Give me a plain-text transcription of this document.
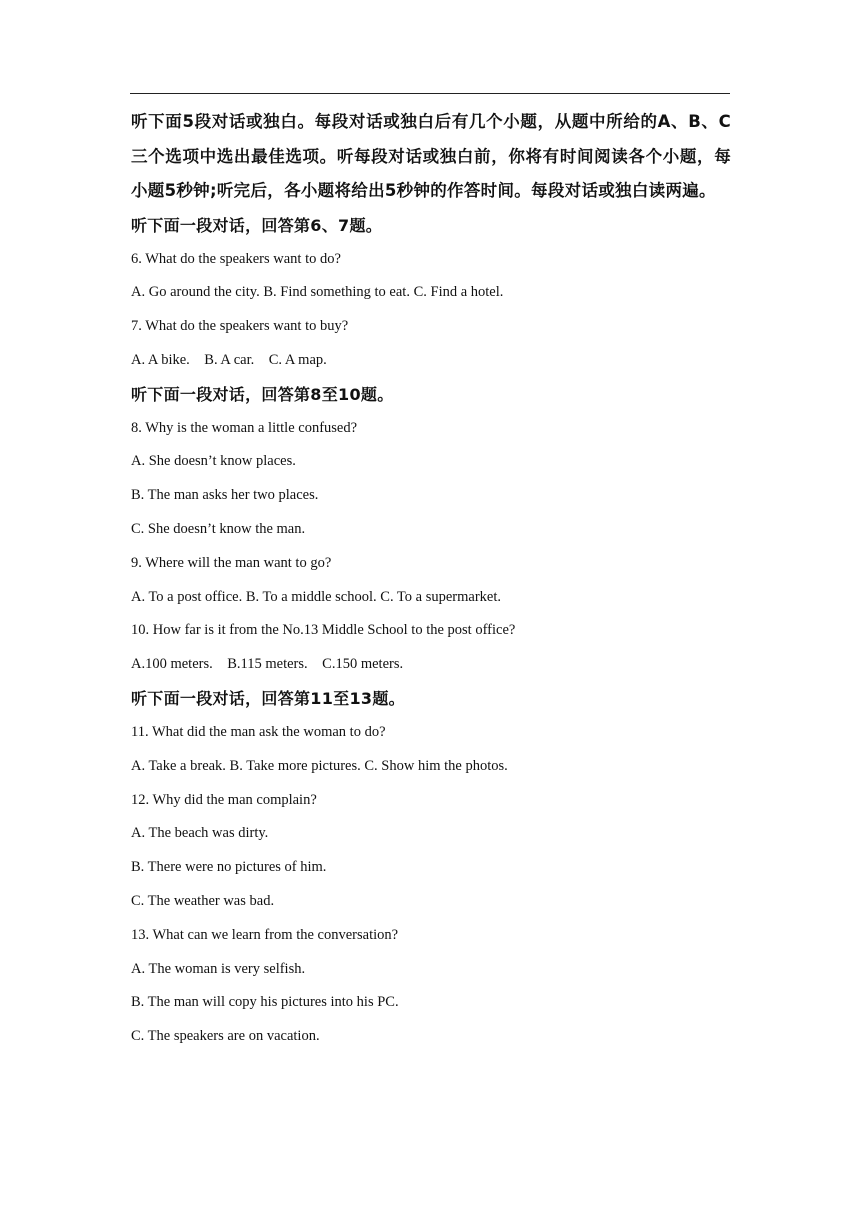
听下面5段对话或独白。每段对话或独白后有几个小题，从题中所给的A、B、C三个选项中选出最佳选项。听每段对话或独白前，你将有时间阅读各个小题，每小题5秒钟;听完后，各小题将给出5秒钟的作答时间。每段对话或独白读两遍。

听下面一段对话，回答第6、7题。

6. What do the speakers want to do?

A. Go around the city. B. Find something to eat. C. Find a hotel.

7. What do the speakers want to buy?

A. A bike.    B. A car.    C. A map.

听下面一段对话，回答第8至10题。

8. Why is the woman a little confused?

A. She doesn’t know places.

B. The man asks her two places.

C. She doesn’t know the man.

9. Where will the man want to go?

A. To a post office. B. To a middle school. C. To a supermarket.

10. How far is it from the No.13 Middle School to the post office?

A.100 meters.    B.115 meters.    C.150 meters.

听下面一段对话，回答第11至13题。

11. What did the man ask the woman to do?

A. Take a break. B. Take more pictures. C. Show him the photos.

12. Why did the man complain?

A. The beach was dirty.

B. There were no pictures of him.

C. The weather was bad.

13. What can we learn from the conversation?

A. The woman is very selfish.

B. The man will copy his pictures into his PC.

C. The speakers are on vacation.
